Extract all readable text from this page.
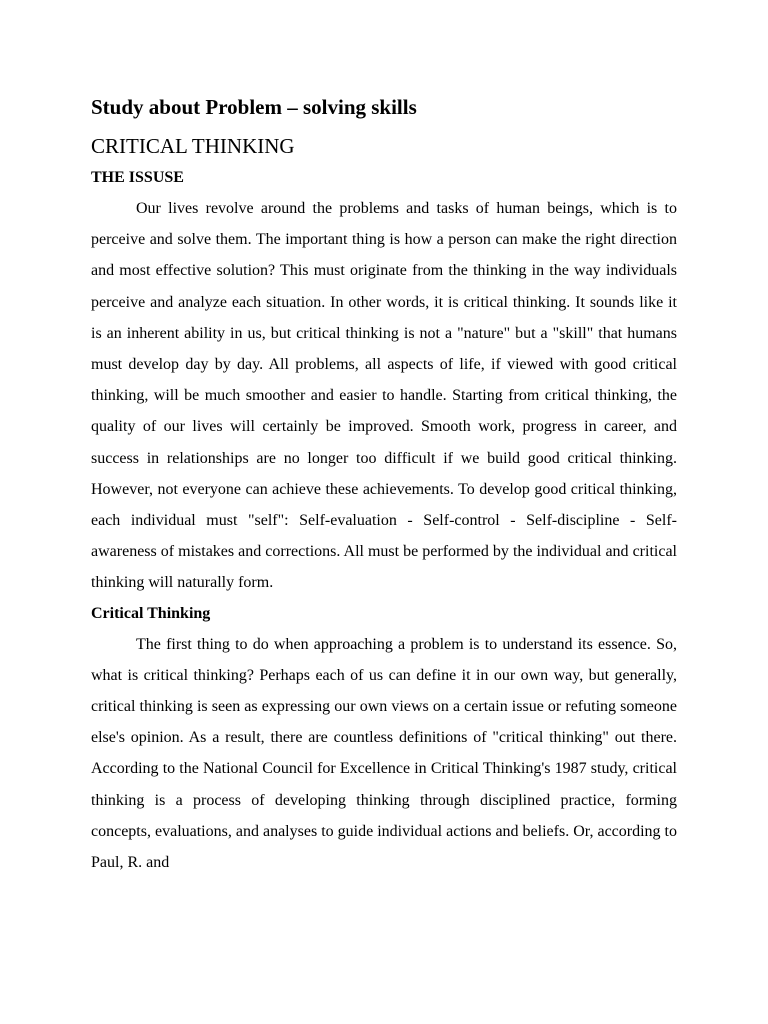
Study about Problem – solving skills
CRITICAL THINKING
THE ISSUSE

Our lives revolve around the problems and tasks of human beings, which is to perceive and solve them. The important thing is how a person can make the right direction and most effective solution? This must originate from the thinking in the way individuals perceive and analyze each situation. In other words, it is critical thinking. It sounds like it is an inherent ability in us, but critical thinking is not a "nature" but a "skill" that humans must develop day by day. All problems, all aspects of life, if viewed with good critical thinking, will be much smoother and easier to handle. Starting from critical thinking, the quality of our lives will certainly be improved. Smooth work, progress in career, and success in relationships are no longer too difficult if we build good critical thinking. However, not everyone can achieve these achievements. To develop good critical thinking, each individual must "self": Self-evaluation - Self-control - Self-discipline - Self-awareness of mistakes and corrections. All must be performed by the individual and critical thinking will naturally form.

Critical Thinking

The first thing to do when approaching a problem is to understand its essence. So, what is critical thinking? Perhaps each of us can define it in our own way, but generally, critical thinking is seen as expressing our own views on a certain issue or refuting someone else's opinion. As a result, there are countless definitions of "critical thinking" out there. According to the National Council for Excellence in Critical Thinking's 1987 study, critical thinking is a process of developing thinking through disciplined practice, forming concepts, evaluations, and analyses to guide individual actions and beliefs. Or, according to Paul, R. and
